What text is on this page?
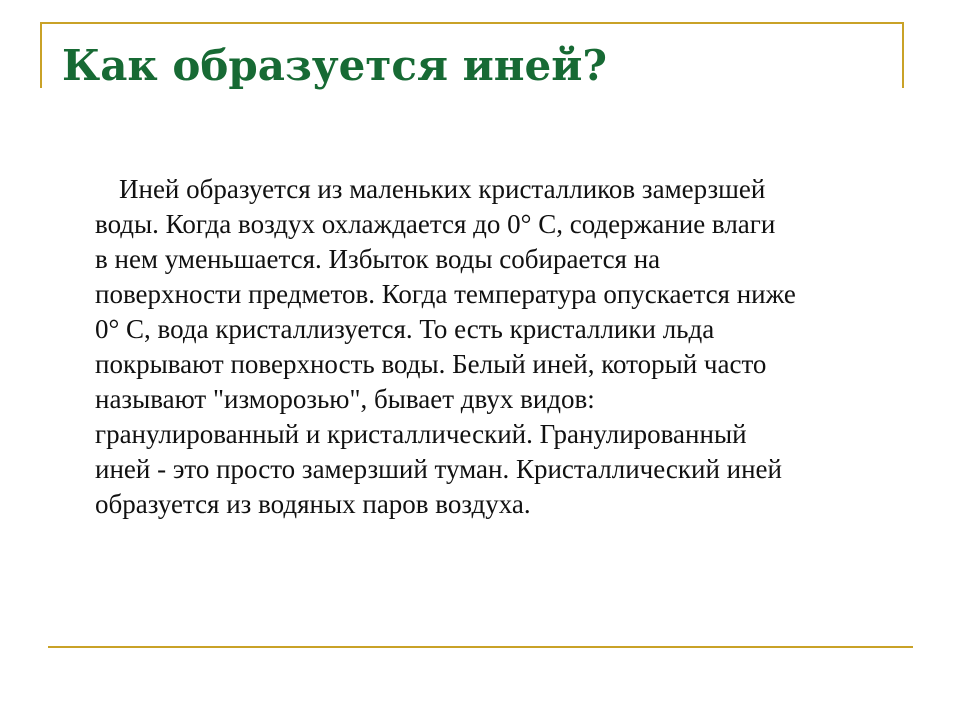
Как образуется иней?

Иней образуется из маленьких кристалликов замерзшей
воды. Когда воздух охлаждается до 0° C, содержание влаги
в нем уменьшается. Избыток воды собирается на
поверхности предметов. Когда температура опускается ниже
0° C, вода кристаллизуется. То есть кристаллики льда
покрывают поверхность воды. Белый иней, который часто
называют "изморозью", бывает двух видов:
гранулированный и кристаллический. Гранулированный
иней - это просто замерзший туман. Кристаллический иней
образуется из водяных паров воздуха.
